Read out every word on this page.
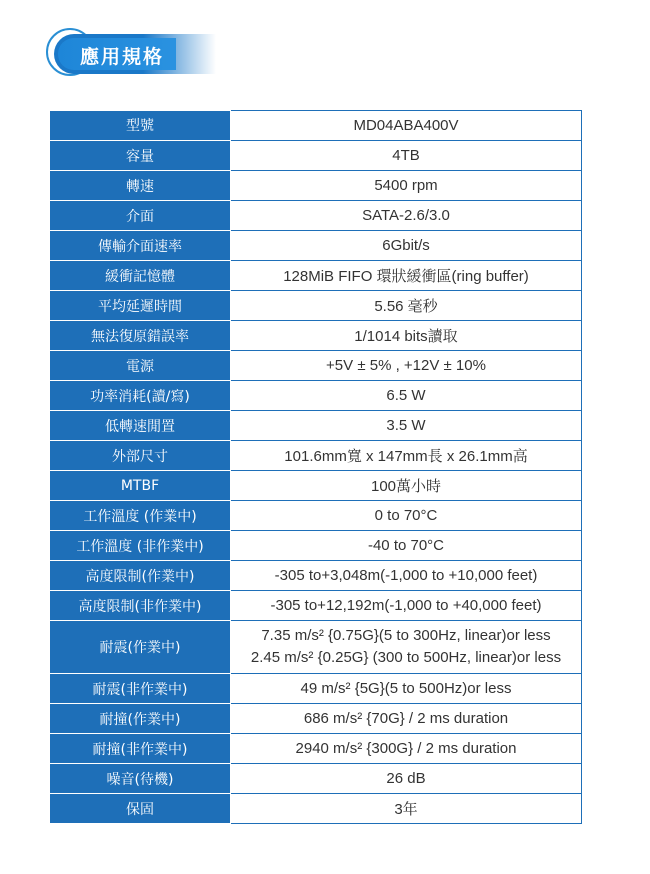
應用規格
型號	MD04ABA400V
容量	4TB
轉速	5400 rpm
介面	SATA-2.6/3.0
傳輸介面速率	6Gbit/s
緩衝記憶體	128MiB FIFO 環狀緩衝區(ring buffer)
平均延遲時間	5.56 毫秒
無法復原錯誤率	1/1014 bits讀取
電源	+5V ± 5% , +12V ± 10%
功率消耗(讀/寫)	6.5 W
低轉速閒置	3.5 W
外部尺寸	101.6mm寬 x 147mm長 x 26.1mm高
MTBF	100萬小時
工作溫度 (作業中)	0 to 70°C
工作溫度 (非作業中)	-40 to 70°C
高度限制(作業中)	-305 to+3,048m(-1,000 to +10,000 feet)
高度限制(非作業中)	-305 to+12,192m(-1,000 to +40,000 feet)
耐震(作業中)	7.35 m/s² {0.75G}(5 to 300Hz, linear)or less
2.45 m/s² {0.25G} (300 to 500Hz, linear)or less

耐震(非作業中)	49 m/s² {5G}(5 to 500Hz)or less
耐撞(作業中)	686 m/s² {70G} / 2 ms duration
耐撞(非作業中)	2940 m/s² {300G} / 2 ms duration
噪音(待機)	26 dB
保固	3年
